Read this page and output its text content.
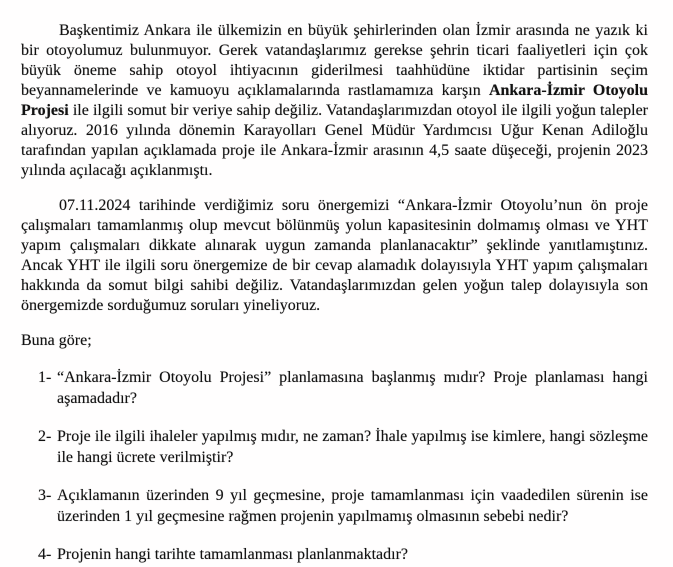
Başkentimiz Ankara ile ülkemizin en büyük şehirlerinden olan İzmir arasında ne yazık ki bir otoyolumuz bulunmuyor. Gerek vatandaşlarımız gerekse şehrin ticari faaliyetleri için çok büyük öneme sahip otoyol ihtiyacının giderilmesi taahhüdüne iktidar partisinin seçim beyannamelerinde ve kamuoyu açıklamalarında rastlamamıza karşın Ankara-İzmir Otoyolu Projesi ile ilgili somut bir veriye sahip değiliz. Vatandaşlarımızdan otoyol ile ilgili yoğun talepler alıyoruz. 2016 yılında dönemin Karayolları Genel Müdür Yardımcısı Uğur Kenan Adiloğlu tarafından yapılan açıklamada proje ile Ankara-İzmir arasının 4,5 saate düşeceği, projenin 2023 yılında açılacağı açıklanmıştı.

07.11.2024 tarihinde verdiğimiz soru önergemizi “Ankara-İzmir Otoyolu’nun ön proje çalışmaları tamamlanmış olup mevcut bölünmüş yolun kapasitesinin dolmamış olması ve YHT yapım çalışmaları dikkate alınarak uygun zamanda planlanacaktır” şeklinde yanıtlamıştınız. Ancak YHT ile ilgili soru önergemize de bir cevap alamadık dolayısıyla YHT yapım çalışmaları hakkında da somut bilgi sahibi değiliz. Vatandaşlarımızdan gelen yoğun talep dolayısıyla son önergemizde sorduğumuz soruları yineliyoruz.

Buna göre;

1- “Ankara-İzmir Otoyolu Projesi” planlamasına başlanmış mıdır? Proje planlaması hangi aşamadadır?
2- Proje ile ilgili ihaleler yapılmış mıdır, ne zaman? İhale yapılmış ise kimlere, hangi sözleşme ile hangi ücrete verilmiştir?
3- Açıklamanın üzerinden 9 yıl geçmesine, proje tamamlanması için vaadedilen sürenin ise üzerinden 1 yıl geçmesine rağmen projenin yapılmamış olmasının sebebi nedir?
4- Projenin hangi tarihte tamamlanması planlanmaktadır?
